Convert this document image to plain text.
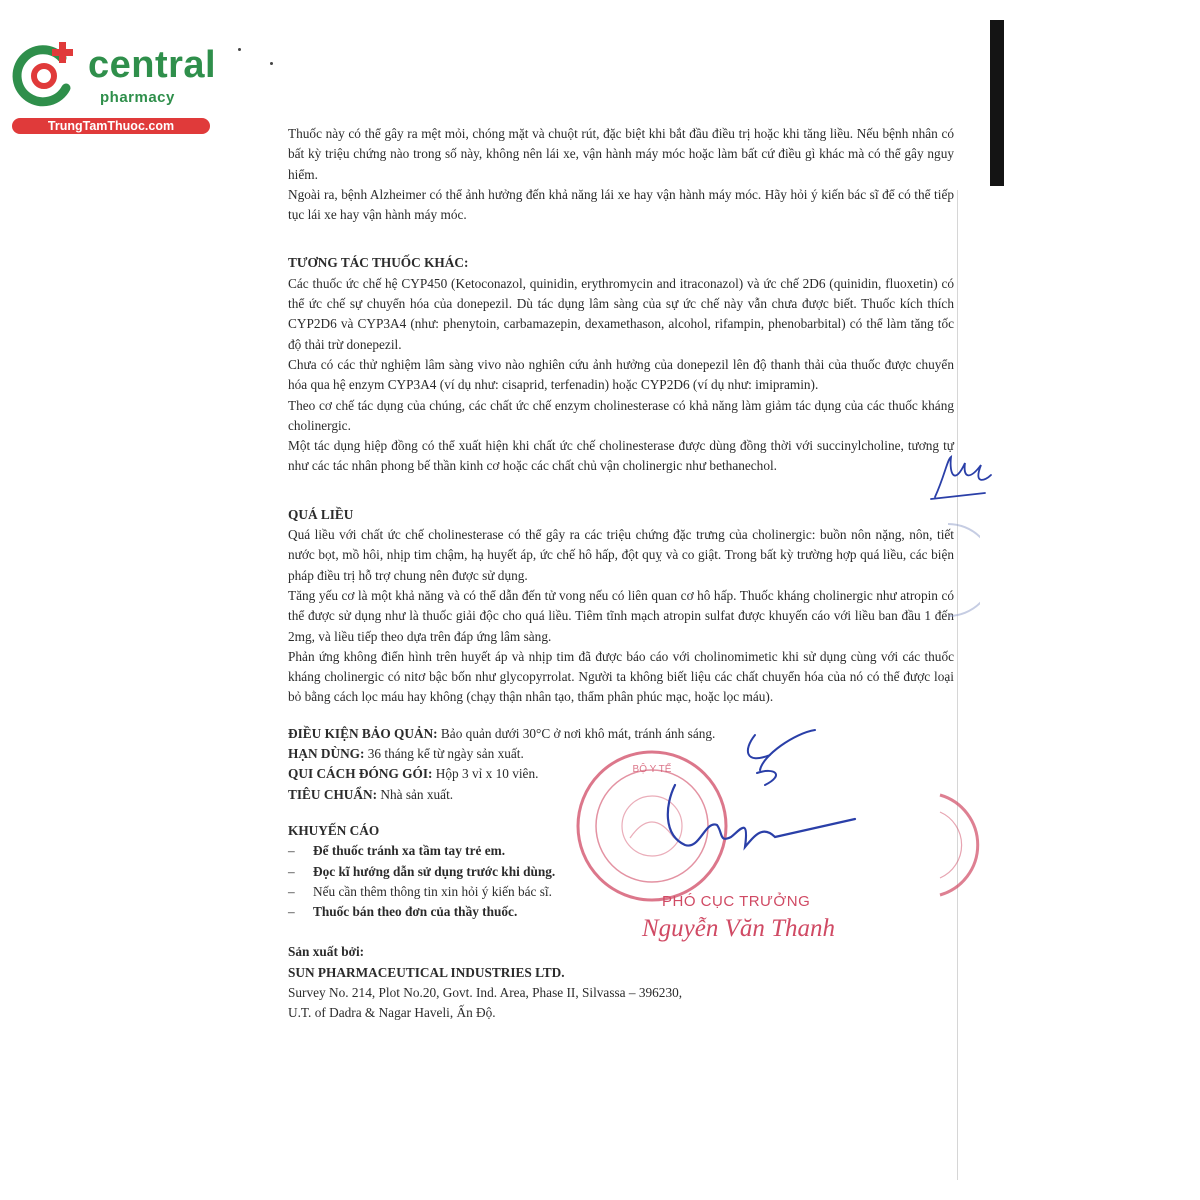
central
pharmacy
TrungTamThuoc.com	Thuốc này có thể gây ra mệt mỏi, chóng mặt và chuột rút, đặc biệt khi bắt đầu điều trị hoặc khi tăng liều. Nếu bệnh nhân có bất kỳ triệu chứng nào trong số này, không nên lái xe, vận hành máy móc hoặc làm bất cứ điều gì khác mà có thể gây nguy hiểm.

Ngoài ra, bệnh Alzheimer có thể ảnh hưởng đến khả năng lái xe hay vận hành máy móc. Hãy hỏi ý kiến bác sĩ để có thể tiếp tục lái xe hay vận hành máy móc.

TƯƠNG TÁC THUỐC KHÁC:

Các thuốc ức chế hệ CYP450 (Ketoconazol, quinidin, erythromycin and itraconazol) và ức chế 2D6 (quinidin, fluoxetin) có thể ức chế sự chuyển hóa của donepezil. Dù tác dụng lâm sàng của sự ức chế này vẫn chưa được biết. Thuốc kích thích CYP2D6 và CYP3A4 (như: phenytoin, carbamazepin, dexamethason, alcohol, rifampin, phenobarbital) có thể làm tăng tốc độ thải trừ donepezil.

Chưa có các thử nghiệm lâm sàng vivo nào nghiên cứu ảnh hưởng của donepezil lên độ thanh thải của thuốc được chuyển hóa qua hệ enzym CYP3A4 (ví dụ như: cisaprid, terfenadin) hoặc CYP2D6 (ví dụ như: imipramin).

Theo cơ chế tác dụng của chúng, các chất ức chế enzym cholinesterase có khả năng làm giảm tác dụng của các thuốc kháng cholinergic.

Một tác dụng hiệp đồng có thể xuất hiện khi chất ức chế cholinesterase được dùng đồng thời với succinylcholine, tương tự như các tác nhân phong bế thần kinh cơ hoặc các chất chủ vận cholinergic như bethanechol.

QUÁ LIỀU

Quá liều với chất ức chế cholinesterase có thể gây ra các triệu chứng đặc trưng của cholinergic: buồn nôn nặng, nôn, tiết nước bọt, mồ hôi, nhịp tim chậm, hạ huyết áp, ức chế hô hấp, đột quỵ và co giật. Trong bất kỳ trường hợp quá liều, các biện pháp điều trị hỗ trợ chung nên được sử dụng.

Tăng yếu cơ là một khả năng và có thể dẫn đến tử vong nếu có liên quan cơ hô hấp. Thuốc kháng cholinergic như atropin có thể được sử dụng như là thuốc giải độc cho quá liều. Tiêm tĩnh mạch atropin sulfat được khuyến cáo với liều ban đầu 1 đến 2mg, và liều tiếp theo dựa trên đáp ứng lâm sàng.

Phản ứng không điển hình trên huyết áp và nhịp tim đã được báo cáo với cholinomimetic khi sử dụng cùng với các thuốc kháng cholinergic có nitơ bậc bốn như glycopyrrolat. Người ta không biết liệu các chất chuyển hóa của nó có thể được loại bỏ bằng cách lọc máu hay không (chạy thận nhân tạo, thẩm phân phúc mạc, hoặc lọc máu).

ĐIỀU KIỆN BẢO QUẢN: Bảo quản dưới 30°C ở nơi khô mát, tránh ánh sáng.

HẠN DÙNG: 36 tháng kể từ ngày sản xuất.

QUI CÁCH ĐÓNG GÓI: Hộp 3 vỉ x 10 viên.

TIÊU CHUẨN: Nhà sản xuất.

KHUYẾN CÁO

– Để thuốc tránh xa tầm tay trẻ em.
– Đọc kĩ hướng dẫn sử dụng trước khi dùng.
– Nếu cần thêm thông tin xin hỏi ý kiến bác sĩ.
– Thuốc bán theo đơn của thầy thuốc.

Sản xuất bởi:

SUN PHARMACEUTICAL INDUSTRIES LTD.

Survey No. 214, Plot No.20, Govt. Ind. Area, Phase II, Silvassa – 396230,

U.T. of Dadra & Nagar Haveli, Ấn Độ.

BỘ Y TẾ
PHÓ CỤC TRƯỞNG
Nguyễn Văn Thanh
